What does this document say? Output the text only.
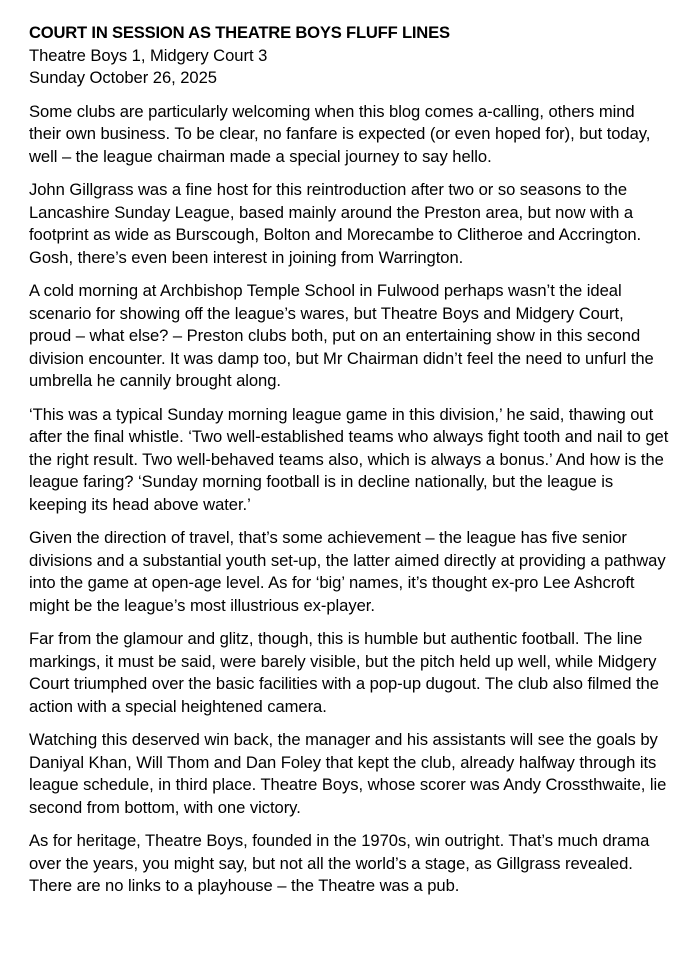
COURT IN SESSION AS THEATRE BOYS FLUFF LINES

Theatre Boys 1, Midgery Court 3

Sunday October 26, 2025

Some clubs are particularly welcoming when this blog comes a-calling, others mind their own business. To be clear, no fanfare is expected (or even hoped for), but today, well – the league chairman made a special journey to say hello.

John Gillgrass was a fine host for this reintroduction after two or so seasons to the Lancashire Sunday League, based mainly around the Preston area, but now with a footprint as wide as Burscough, Bolton and Morecambe to Clitheroe and Accrington. Gosh, there’s even been interest in joining from Warrington.

A cold morning at Archbishop Temple School in Fulwood perhaps wasn’t the ideal scenario for showing off the league’s wares, but Theatre Boys and Midgery Court, proud – what else? – Preston clubs both, put on an entertaining show in this second division encounter. It was damp too, but Mr Chairman didn’t feel the need to unfurl the umbrella he cannily brought along.

‘This was a typical Sunday morning league game in this division,’ he said, thawing out after the final whistle. ‘Two well-established teams who always fight tooth and nail to get the right result. Two well-behaved teams also, which is always a bonus.’ And how is the league faring? ‘Sunday morning football is in decline nationally, but the league is keeping its head above water.’

Given the direction of travel, that’s some achievement – the league has five senior divisions and a substantial youth set-up, the latter aimed directly at providing a pathway into the game at open-age level. As for ‘big’ names, it’s thought ex-pro Lee Ashcroft might be the league’s most illustrious ex-player.

Far from the glamour and glitz, though, this is humble but authentic football. The line markings, it must be said, were barely visible, but the pitch held up well, while Midgery Court triumphed over the basic facilities with a pop-up dugout. The club also filmed the action with a special heightened camera.

Watching this deserved win back, the manager and his assistants will see the goals by Daniyal Khan, Will Thom and Dan Foley that kept the club, already halfway through its league schedule, in third place. Theatre Boys, whose scorer was Andy Crossthwaite, lie second from bottom, with one victory.

As for heritage, Theatre Boys, founded in the 1970s, win outright. That’s much drama over the years, you might say, but not all the world’s a stage, as Gillgrass revealed. There are no links to a playhouse – the Theatre was a pub.
